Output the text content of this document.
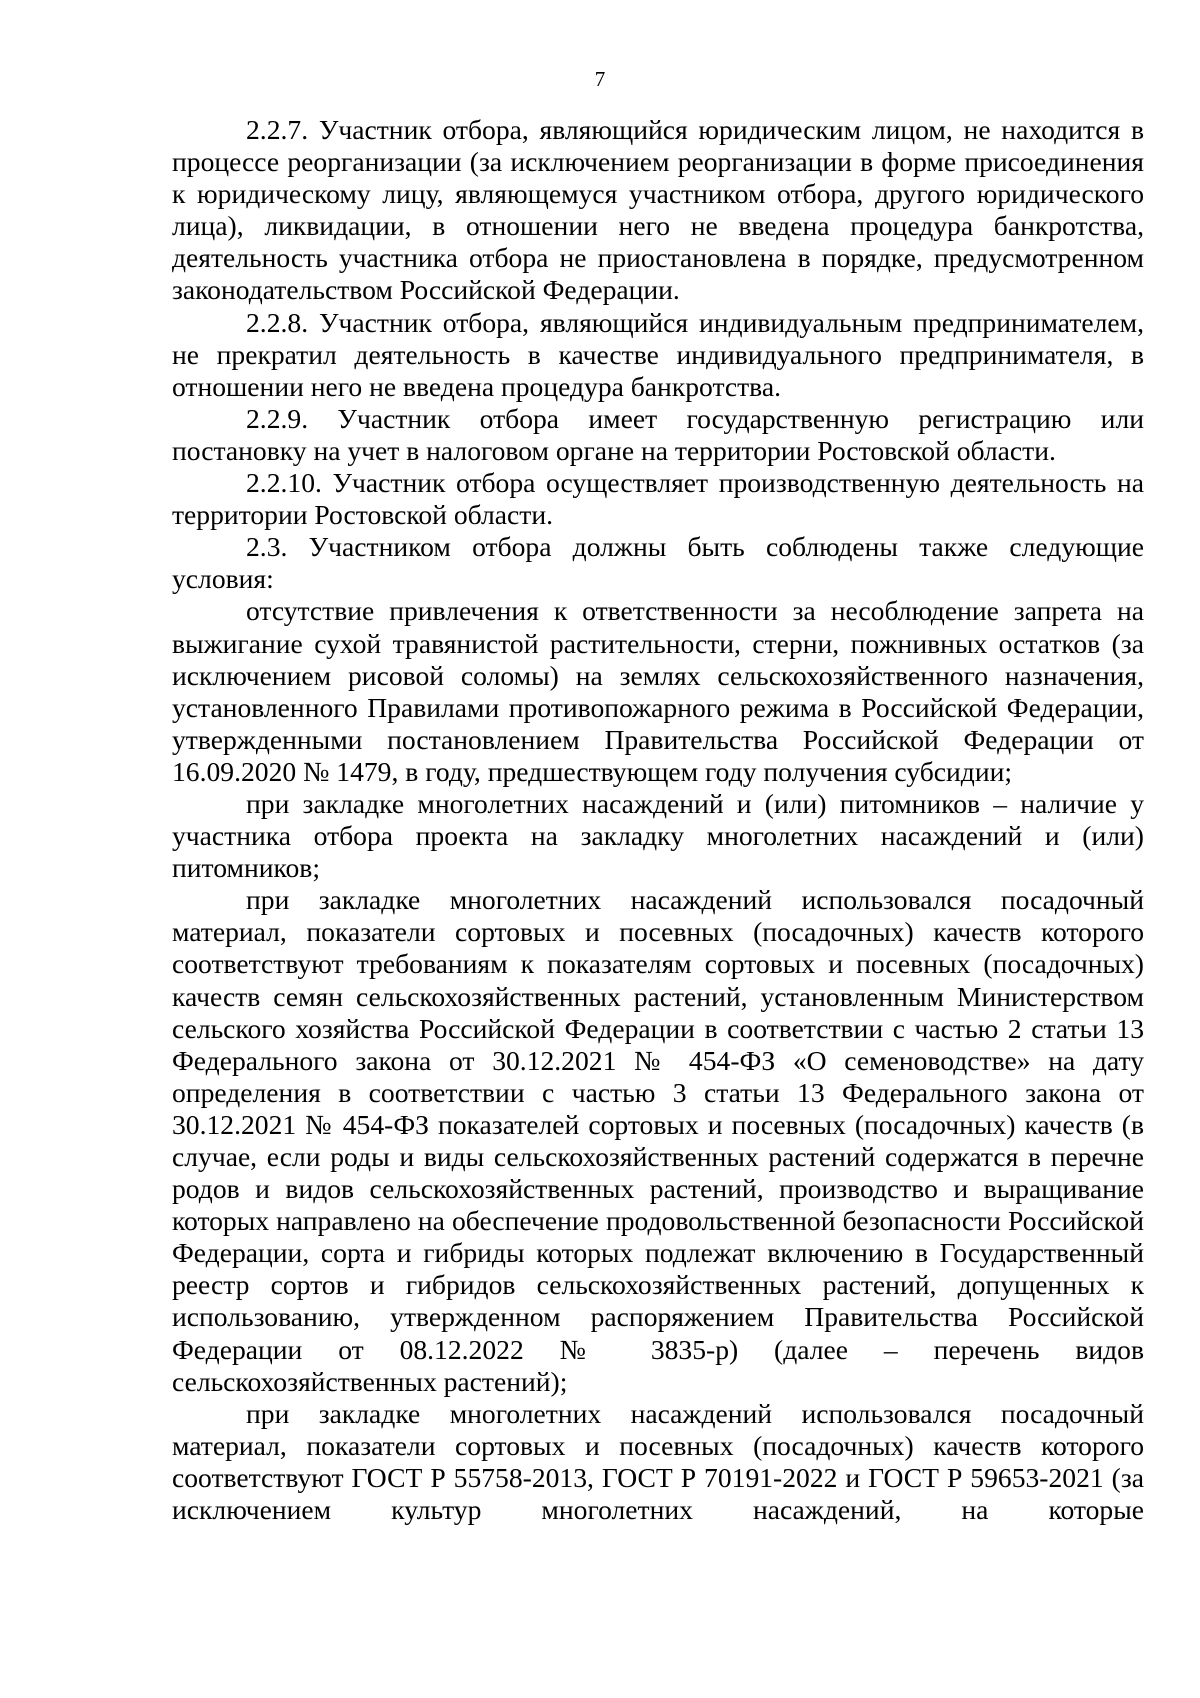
7

2.2.7. Участник отбора, являющийся юридическим лицом, не находится в процессе реорганизации (за исключением реорганизации в форме присоединения к юридическому лицу, являющемуся участником отбора, другого юридического лица), ликвидации, в отношении него не введена процедура банкротства, деятельность участника отбора не приостановлена в порядке, предусмотренном законодательством Российской Федерации.

2.2.8. Участник отбора, являющийся индивидуальным предпринимателем, не прекратил деятельность в качестве индивидуального предпринимателя, в отношении него не введена процедура банкротства.

2.2.9. Участник отбора имеет государственную регистрацию или постановку на учет в налоговом органе на территории Ростовской области.

2.2.10. Участник отбора осуществляет производственную деятельность на территории Ростовской области.

2.3. Участником отбора должны быть соблюдены также следующие условия:

отсутствие привлечения к ответственности за несоблюдение запрета на выжигание сухой травянистой растительности, стерни, пожнивных остатков (за исключением рисовой соломы) на землях сельскохозяйственного назначения, установленного Правилами противопожарного режима в Российской Федерации, утвержденными постановлением Правительства Российской Федерации от 16.09.2020 № 1479, в году, предшествующем году получения субсидии;

при закладке многолетних насаждений и (или) питомников – наличие у участника отбора проекта на закладку многолетних насаждений и (или) питомников;

при закладке многолетних насаждений использовался посадочный материал, показатели сортовых и посевных (посадочных) качеств которого соответствуют требованиям к показателям сортовых и посевных (посадочных) качеств семян сельскохозяйственных растений, установленным Министерством сельского хозяйства Российской Федерации в соответствии с частью 2 статьи 13 Федерального закона от 30.12.2021 № 454-ФЗ «О семеноводстве» на дату определения в соответствии с частью 3 статьи 13 Федерального закона от 30.12.2021 № 454-ФЗ показателей сортовых и посевных (посадочных) качеств (в случае, если роды и виды сельскохозяйственных растений содержатся в перечне родов и видов сельскохозяйственных растений, производство и выращивание которых направлено на обеспечение продовольственной безопасности Российской Федерации, сорта и гибриды которых подлежат включению в Государственный реестр сортов и гибридов сельскохозяйственных растений, допущенных к использованию, утвержденном распоряжением Правительства Российской Федерации от 08.12.2022 № 3835-р) (далее – перечень видов сельскохозяйственных растений);

при закладке многолетних насаждений использовался посадочный материал, показатели сортовых и посевных (посадочных) качеств которого соответствуют ГОСТ Р 55758-2013, ГОСТ Р 70191-2022 и ГОСТ Р 59653-2021 (за исключением культур многолетних насаждений, на которые
